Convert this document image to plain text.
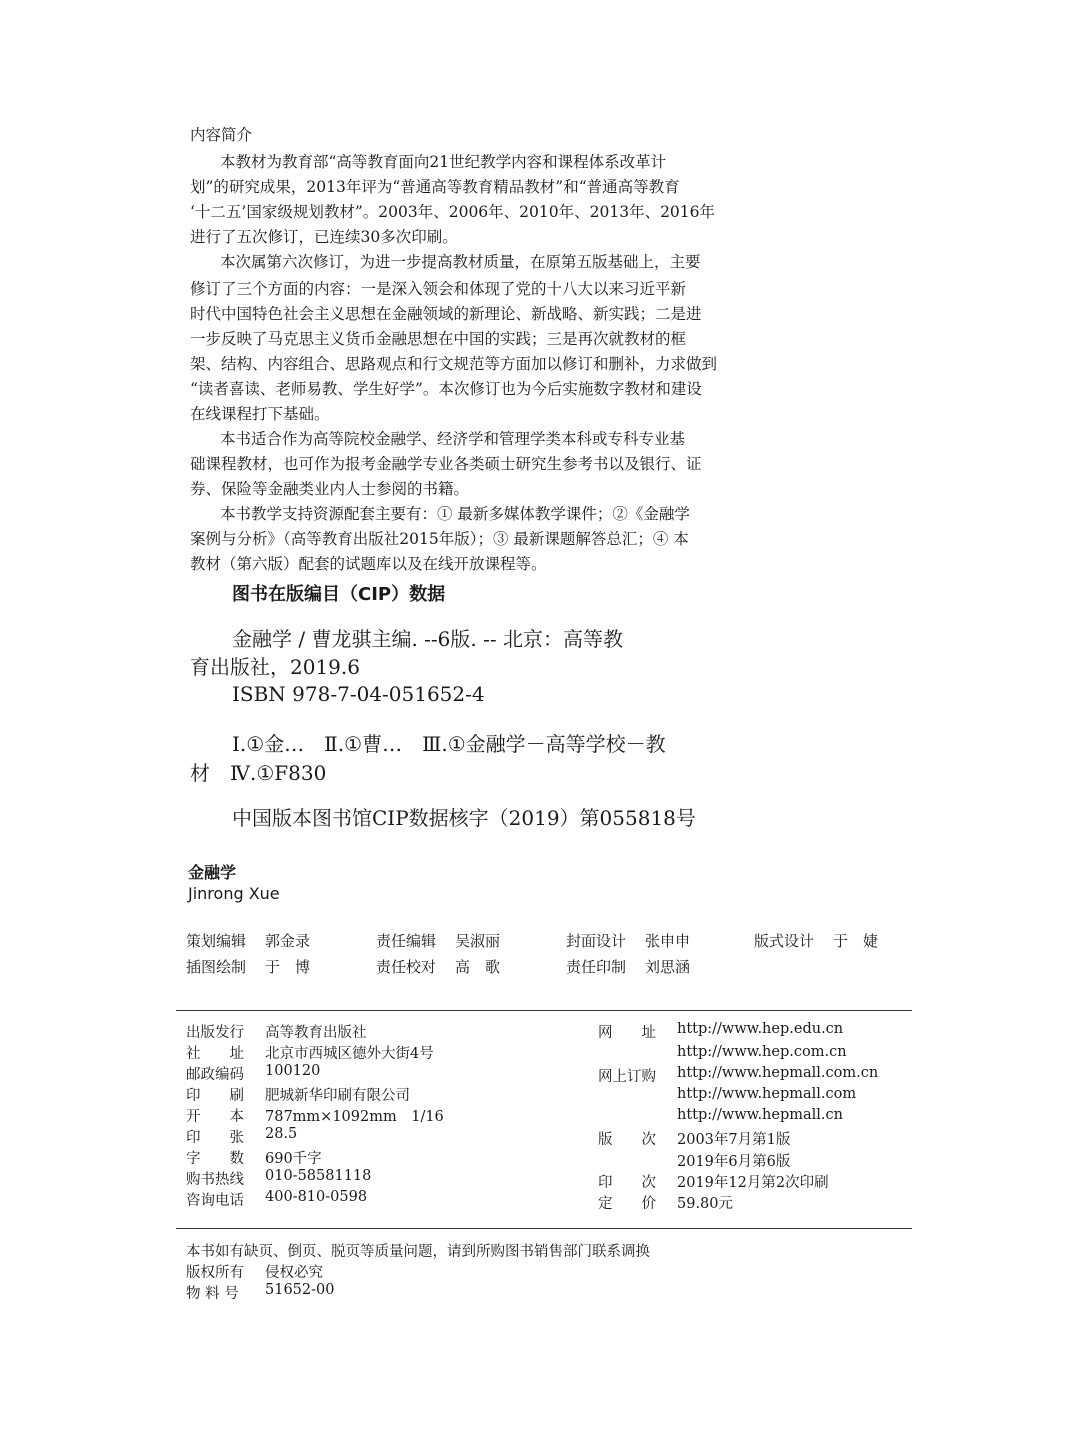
内容简介
本教材为教育部“高等教育面向21世纪教学内容和课程体系改革计
划”的研究成果，2013年评为“普通高等教育精品教材”和“普通高等教育
‘十二五’国家级规划教材”。2003年、2006年、2010年、2013年、2016年
进行了五次修订，已连续30多次印刷。
本次属第六次修订，为进一步提高教材质量，在原第五版基础上，主要
修订了三个方面的内容：一是深入领会和体现了党的十八大以来习近平新
时代中国特色社会主义思想在金融领域的新理论、新战略、新实践；二是进
一步反映了马克思主义货币金融思想在中国的实践；三是再次就教材的框
架、结构、内容组合、思路观点和行文规范等方面加以修订和删补，力求做到
“读者喜读、老师易教、学生好学”。本次修订也为今后实施数字教材和建设
在线课程打下基础。
本书适合作为高等院校金融学、经济学和管理学类本科或专科专业基
础课程教材，也可作为报考金融学专业各类硕士研究生参考书以及银行、证
券、保险等金融类业内人士参阅的书籍。
本书教学支持资源配套主要有：① 最新多媒体教学课件；②《金融学
案例与分析》（高等教育出版社2015年版）；③ 最新课题解答总汇；④ 本
教材（第六版）配套的试题库以及在线开放课程等。
图书在版编目（CIP）数据
金融学 / 曹龙骐主编. --6版. -- 北京：高等教
育出版社，2019.6
ISBN 978-7-04-051652-4
Ⅰ.①金…　Ⅱ.①曹…　Ⅲ.①金融学－高等学校－教
材　Ⅳ.①F830
中国版本图书馆CIP数据核字（2019）第055818号
金融学
Jinrong Xue
策划编辑 郭金录	责任编辑 吴淑丽	封面设计 张申申	版式设计 于　婕
插图绘制 于　博	责任校对 高　歌	责任印制 刘思涵
出版发行 高等教育出版社
社　　址 北京市西城区德外大街4号
邮政编码 100120
印　　刷 肥城新华印刷有限公司
开　　本 787mm×1092mm　1/16
印　　张 28.5
字　　数 690千字
购书热线 010-58581118
咨询电话 400-810-0598
网　　址 http://www.hep.edu.cn
http://www.hep.com.cn
网上订购 http://www.hepmall.com.cn
http://www.hepmall.com
http://www.hepmall.cn
版　　次 2003年7月第1版
2019年6月第6版
印　　次 2019年12月第2次印刷
定　　价 59.80元
本书如有缺页、倒页、脱页等质量问题，请到所购图书销售部门联系调换
版权所有 侵权必究
物 料 号 51652-00
